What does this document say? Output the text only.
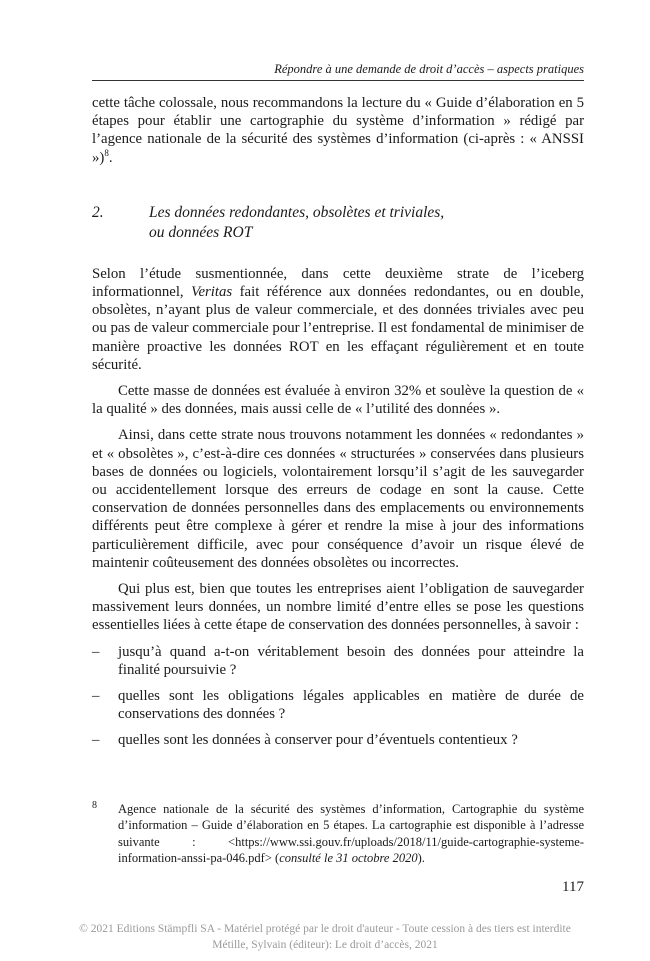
Répondre à une demande de droit d’accès – aspects pratiques

cette tâche colossale, nous recommandons la lecture du « Guide d’élaboration en 5 étapes pour établir une cartographie du système d’information » rédigé par l’agence nationale de la sécurité des systèmes d’information (ci-après : « ANSSI »)$^8$.

2.	Les données redondantes, obsolètes et triviales,
ou données ROT

Selon l’étude susmentionnée, dans cette deuxième strate de l’iceberg informationnel, Veritas fait référence aux données redondantes, ou en double, obsolètes, n’ayant plus de valeur commerciale, et des données triviales avec peu ou pas de valeur commerciale pour l’entreprise. Il est fondamental de minimiser de manière proactive les données ROT en les effaçant régulièrement et en toute sécurité.

Cette masse de données est évaluée à environ 32% et soulève la question de « la qualité » des données, mais aussi celle de « l’utilité des données ».

Ainsi, dans cette strate nous trouvons notamment les données « redondantes » et « obsolètes », c’est-à-dire ces données « structurées » conservées dans plusieurs bases de données ou logiciels, volontairement lorsqu’il s’agit de les sauvegarder ou accidentellement lorsque des erreurs de codage en sont la cause. Cette conservation de données personnelles dans des emplacements ou environnements différents peut être complexe à gérer et rendre la mise à jour des informations particulièrement difficile, avec pour conséquence d’avoir un risque élevé de maintenir coûteusement des données obsolètes ou incorrectes.

Qui plus est, bien que toutes les entreprises aient l’obligation de sauvegarder massivement leurs données, un nombre limité d’entre elles se pose les questions essentielles liées à cette étape de conservation des données personnelles, à savoir :

– jusqu’à quand a-t-on véritablement besoin des données pour atteindre la finalité poursuivie ?
– quelles sont les obligations légales applicables en matière de durée de conservations des données ?
– quelles sont les données à conserver pour d’éventuels contentieux ?
8	Agence nationale de la sécurité des systèmes d’information, Cartographie du système d’information – Guide d’élaboration en 5 étapes. La cartographie est disponible à l’adresse suivante : <https://www.ssi.gouv.fr/uploads/2018/11/guide-cartographie-systeme-information-anssi-pa-046.pdf> (consulté le 31 octobre 2020).
117
© 2021 Editions Stämpfli SA - Matériel protégé par le droit d'auteur - Toute cession à des tiers est interdite
Métille, Sylvain (éditeur): Le droit d’accès, 2021
